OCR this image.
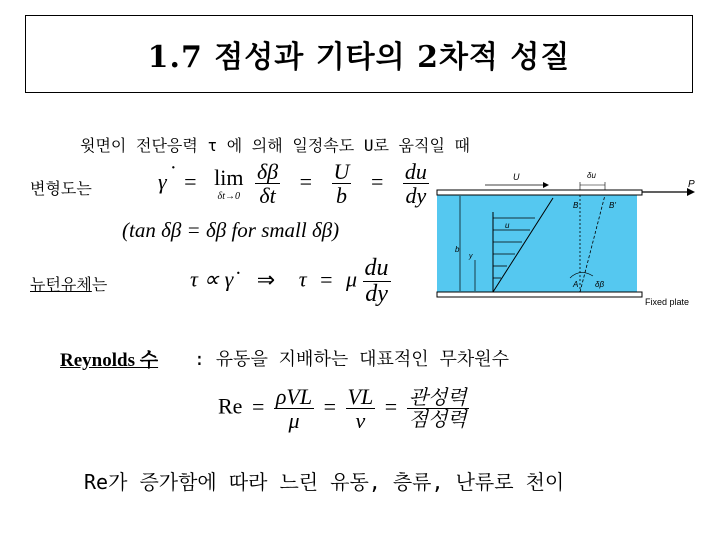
1.7 점성과 기타의 2차적 성질
윗면이 전단응력 τ 에 의해 일정속도 U로 움직일 때
변형도는
·
γ = lim
δt→0
$\frac{\delta\beta}{\delta t} = \frac{U}{b} = \frac{du}{dy}$
(tan δβ = δβ for small δβ)
뉴턴유체는	τ ∝ γ̇ ⇒ τ = μ $\frac{du}{dy}$
P
U	δu
u
b
y
B	B'
A δβ
Fixed plate
Reynolds 수 : 유동을 지배하는 대표적인 무차원수
$Re = \frac{\text{ρVL}}{\mu} = \frac{VL}{\nu} = \frac{\text{관성력}}{\text{점성력}}$
Re가 증가함에 따라 느린 유동, 층류, 난류로 천이
